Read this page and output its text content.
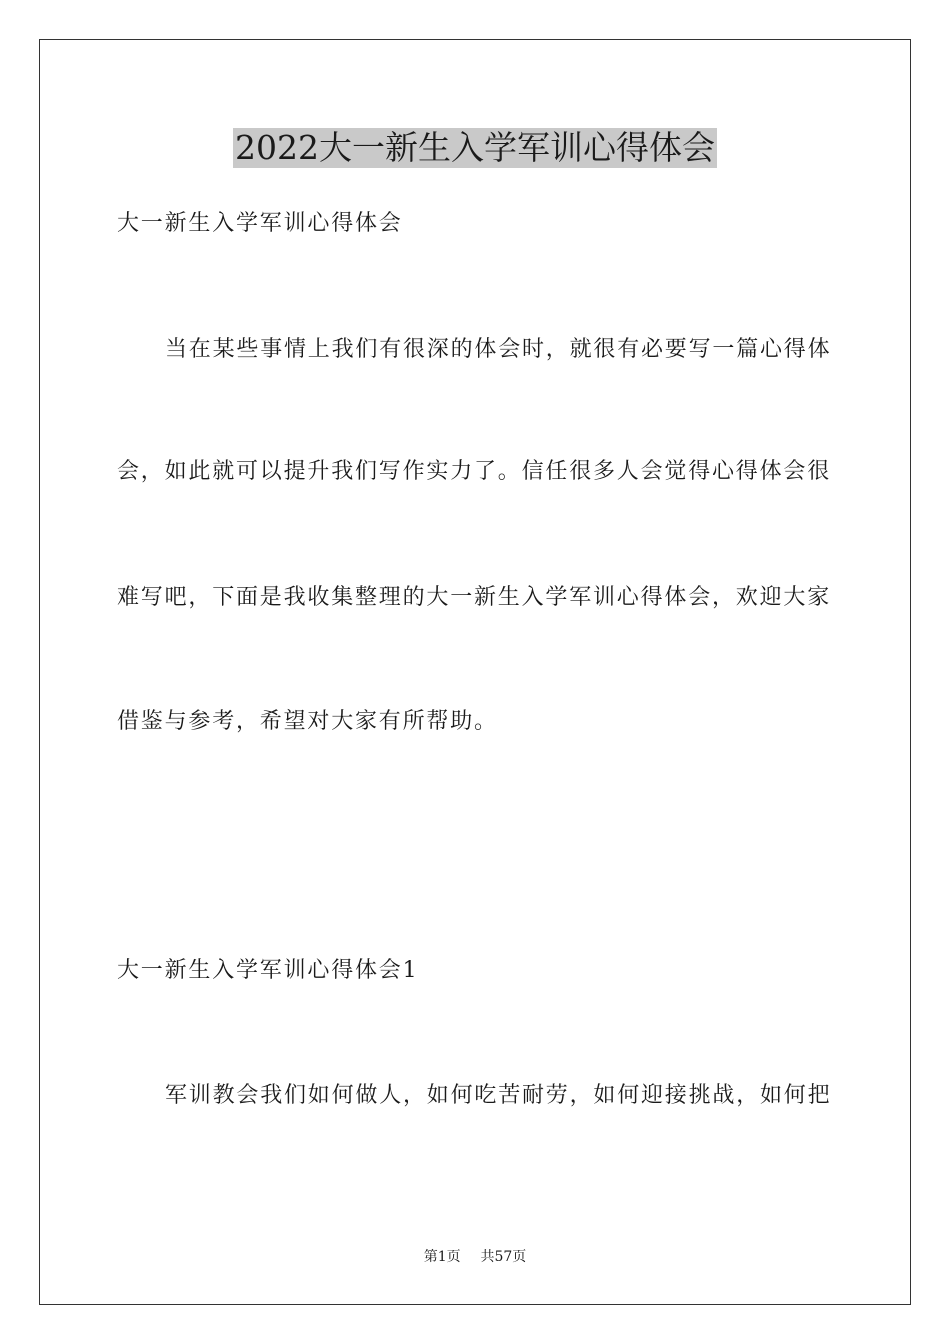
2022大一新生入学军训心得体会
大一新生入学军训心得体会
当在某些事情上我们有很深的体会时，就很有必要写一篇心得体
会，如此就可以提升我们写作实力了。信任很多人会觉得心得体会很
难写吧，下面是我收集整理的大一新生入学军训心得体会，欢迎大家
借鉴与参考，希望对大家有所帮助。
大一新生入学军训心得体会1
军训教会我们如何做人，如何吃苦耐劳，如何迎接挑战，如何把
第1页 共57页
